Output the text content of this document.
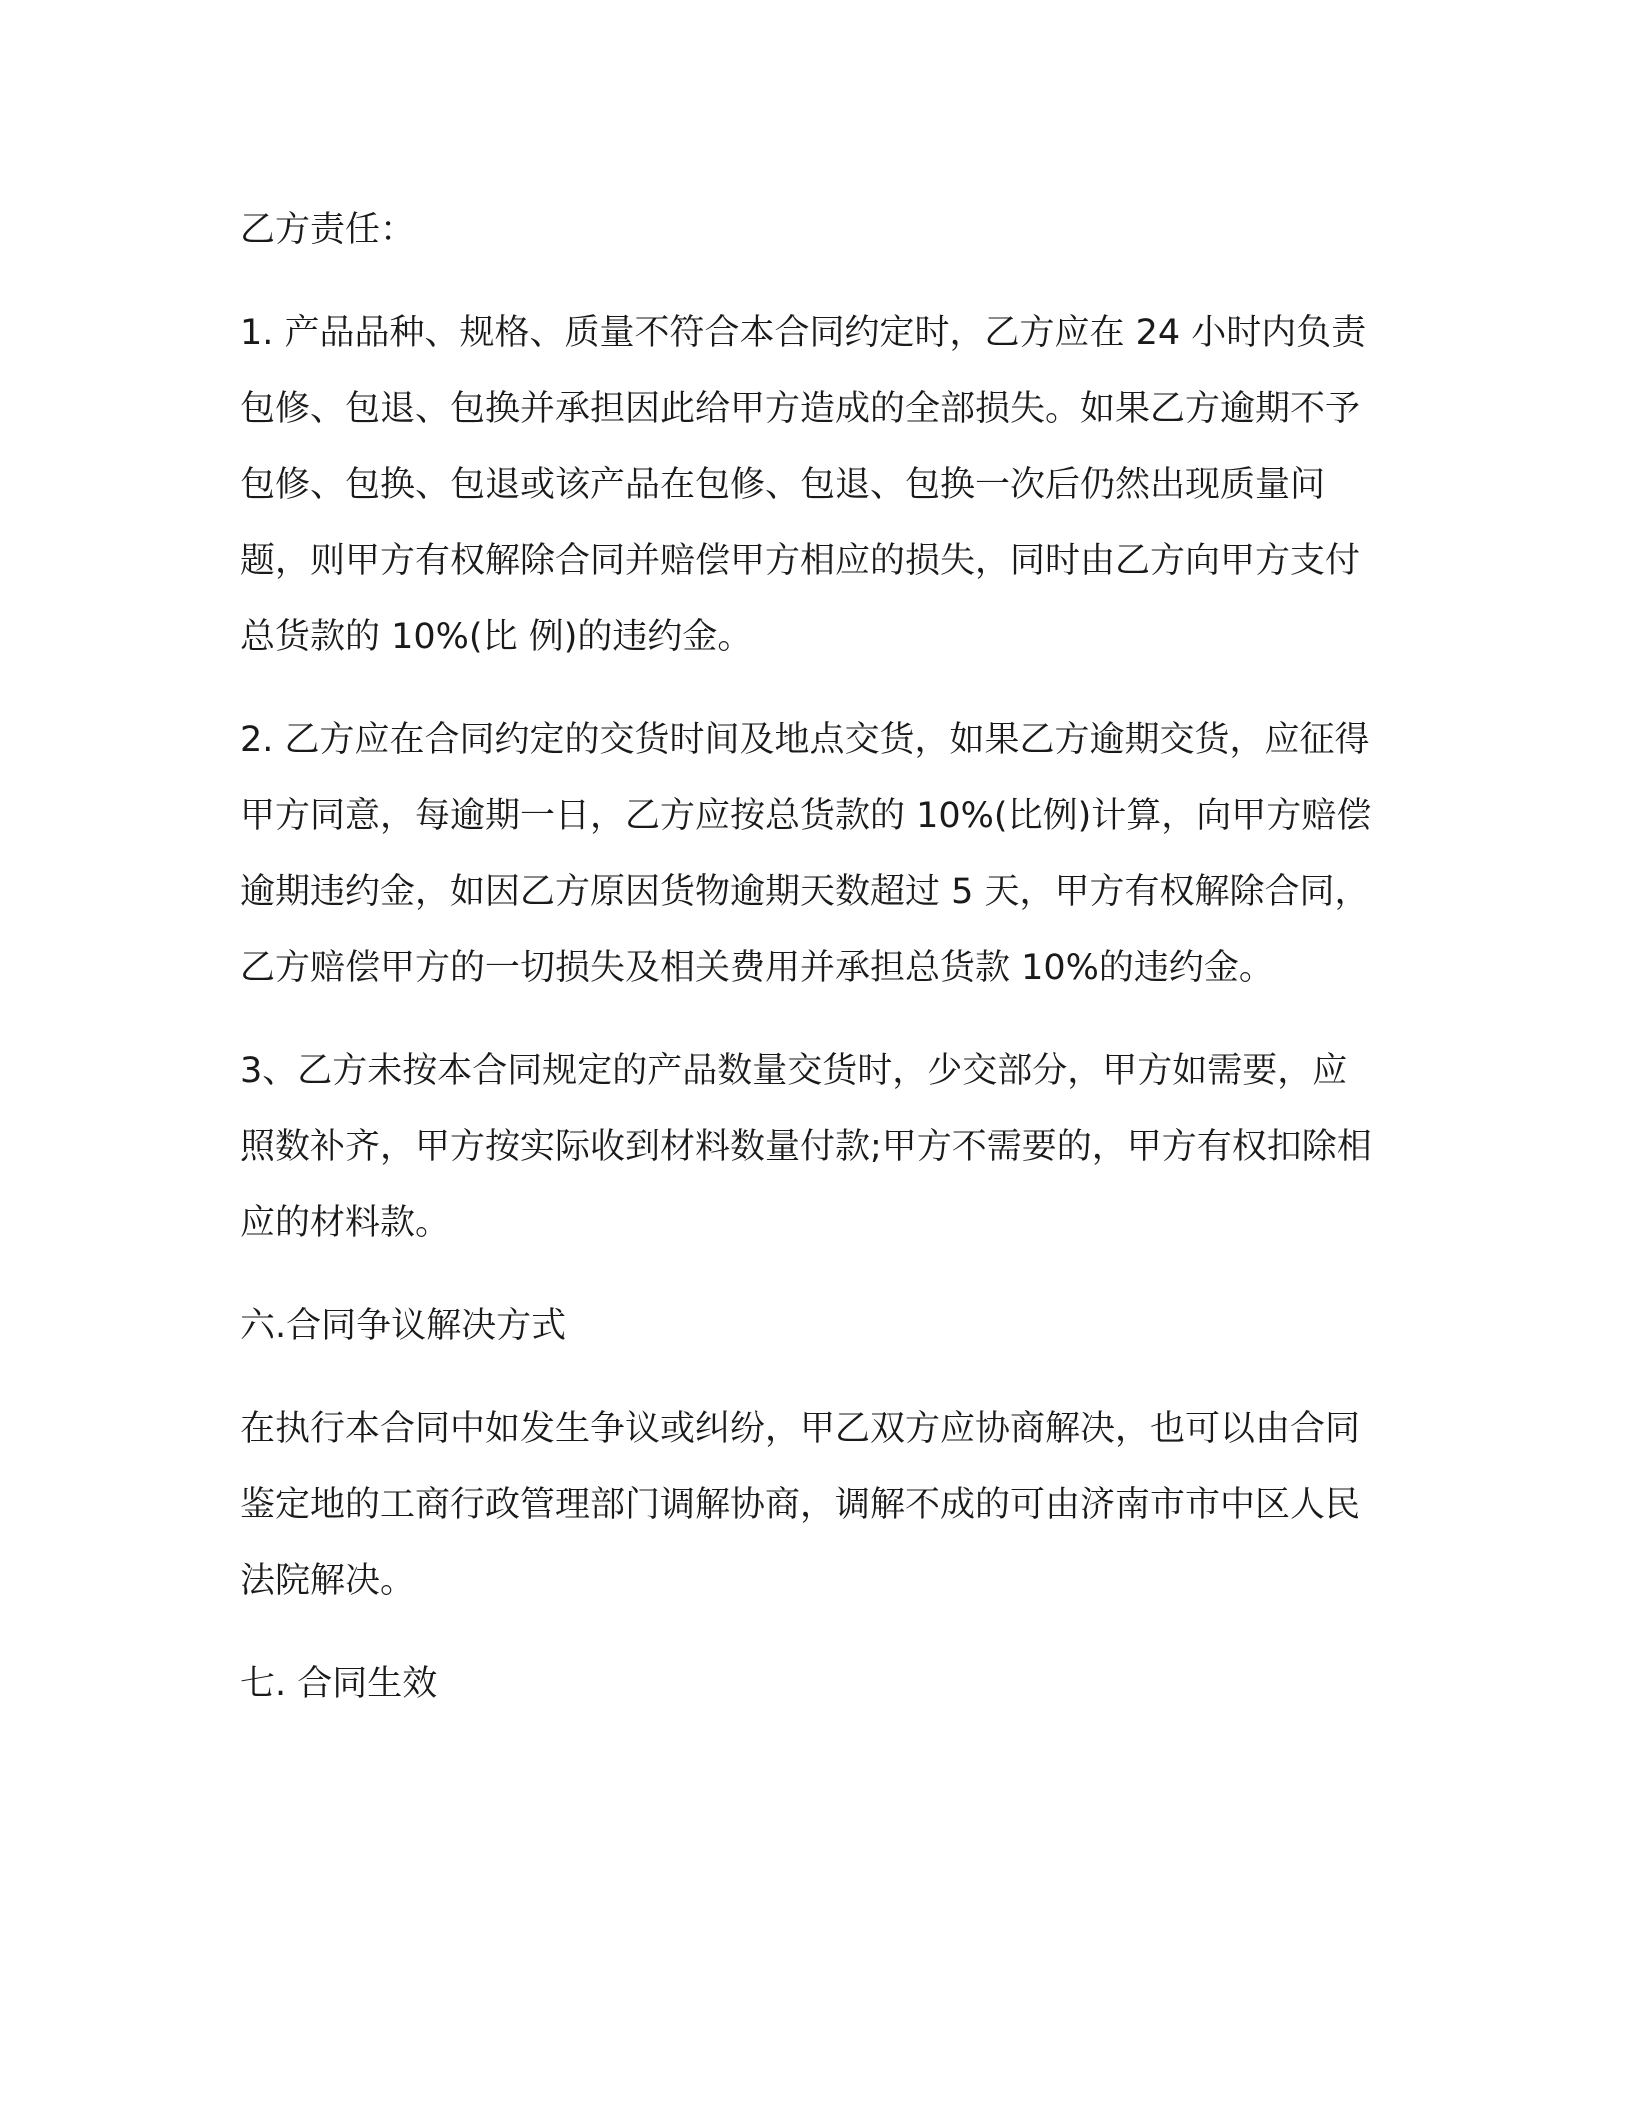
乙方责任：

1. 产品品种、规格、质量不符合本合同约定时，乙方应在 24 小时内负责包修、包退、包换并承担因此给甲方造成的全部损失。如果乙方逾期不予包修、包换、包退或该产品在包修、包退、包换一次后仍然出现质量问题，则甲方有权解除合同并赔偿甲方相应的损失，同时由乙方向甲方支付总货款的 10%(比 例)的违约金。

2. 乙方应在合同约定的交货时间及地点交货，如果乙方逾期交货，应征得甲方同意，每逾期一日，乙方应按总货款的 10%(比例)计算，向甲方赔偿逾期违约金，如因乙方原因货物逾期天数超过 5 天，甲方有权解除合同，乙方赔偿甲方的一切损失及相关费用并承担总货款 10%的违约金。

3、乙方未按本合同规定的产品数量交货时，少交部分，甲方如需要，应照数补齐，甲方按实际收到材料数量付款;甲方不需要的，甲方有权扣除相应的材料款。

六.合同争议解决方式

在执行本合同中如发生争议或纠纷，甲乙双方应协商解决，也可以由合同鉴定地的工商行政管理部门调解协商，调解不成的可由济南市市中区人民法院解决。

七. 合同生效
